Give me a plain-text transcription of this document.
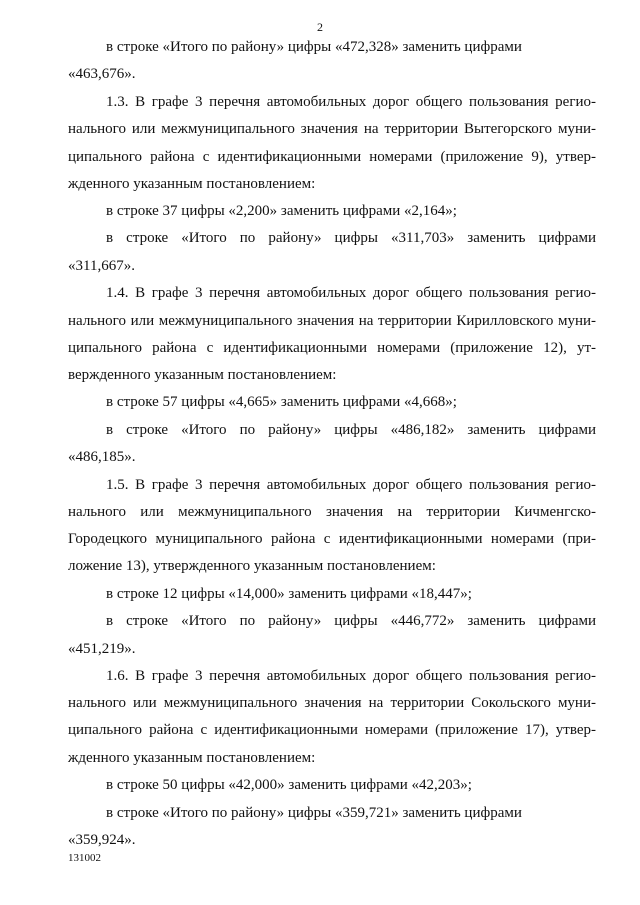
2
в строке «Итого по району» цифры «472,328» заменить цифрами
«463,676».
1.3. В графе 3 перечня автомобильных дорог общего пользования регио-
нального или межмуниципального значения на территории Вытегорского муни-
ципального района с идентификационными номерами (приложение 9), утвер-
жденного указанным постановлением:
в строке 37 цифры «2,200» заменить цифрами «2,164»;
в строке «Итого по району» цифры «311,703» заменить цифрами
«311,667».
1.4. В графе 3 перечня автомобильных дорог общего пользования регио-
нального или межмуниципального значения на территории Кирилловского муни-
ципального района с идентификационными номерами (приложение 12), ут-
вержденного указанным постановлением:
в строке 57 цифры «4,665» заменить цифрами «4,668»;
в строке «Итого по району» цифры «486,182» заменить цифрами
«486,185».
1.5. В графе 3 перечня автомобильных дорог общего пользования регио-
нального или межмуниципального значения на территории Кичменгско-
Городецкого муниципального района с идентификационными номерами (при-
ложение 13), утвержденного указанным постановлением:
в строке 12 цифры «14,000» заменить цифрами «18,447»;
в строке «Итого по району» цифры «446,772» заменить цифрами
«451,219».
1.6. В графе 3 перечня автомобильных дорог общего пользования регио-
нального или межмуниципального значения на территории Сокольского муни-
ципального района с идентификационными номерами (приложение 17), утвер-
жденного указанным постановлением:
в строке 50 цифры «42,000» заменить цифрами «42,203»;
в строке «Итого по району» цифры «359,721» заменить цифрами
«359,924».
131002
